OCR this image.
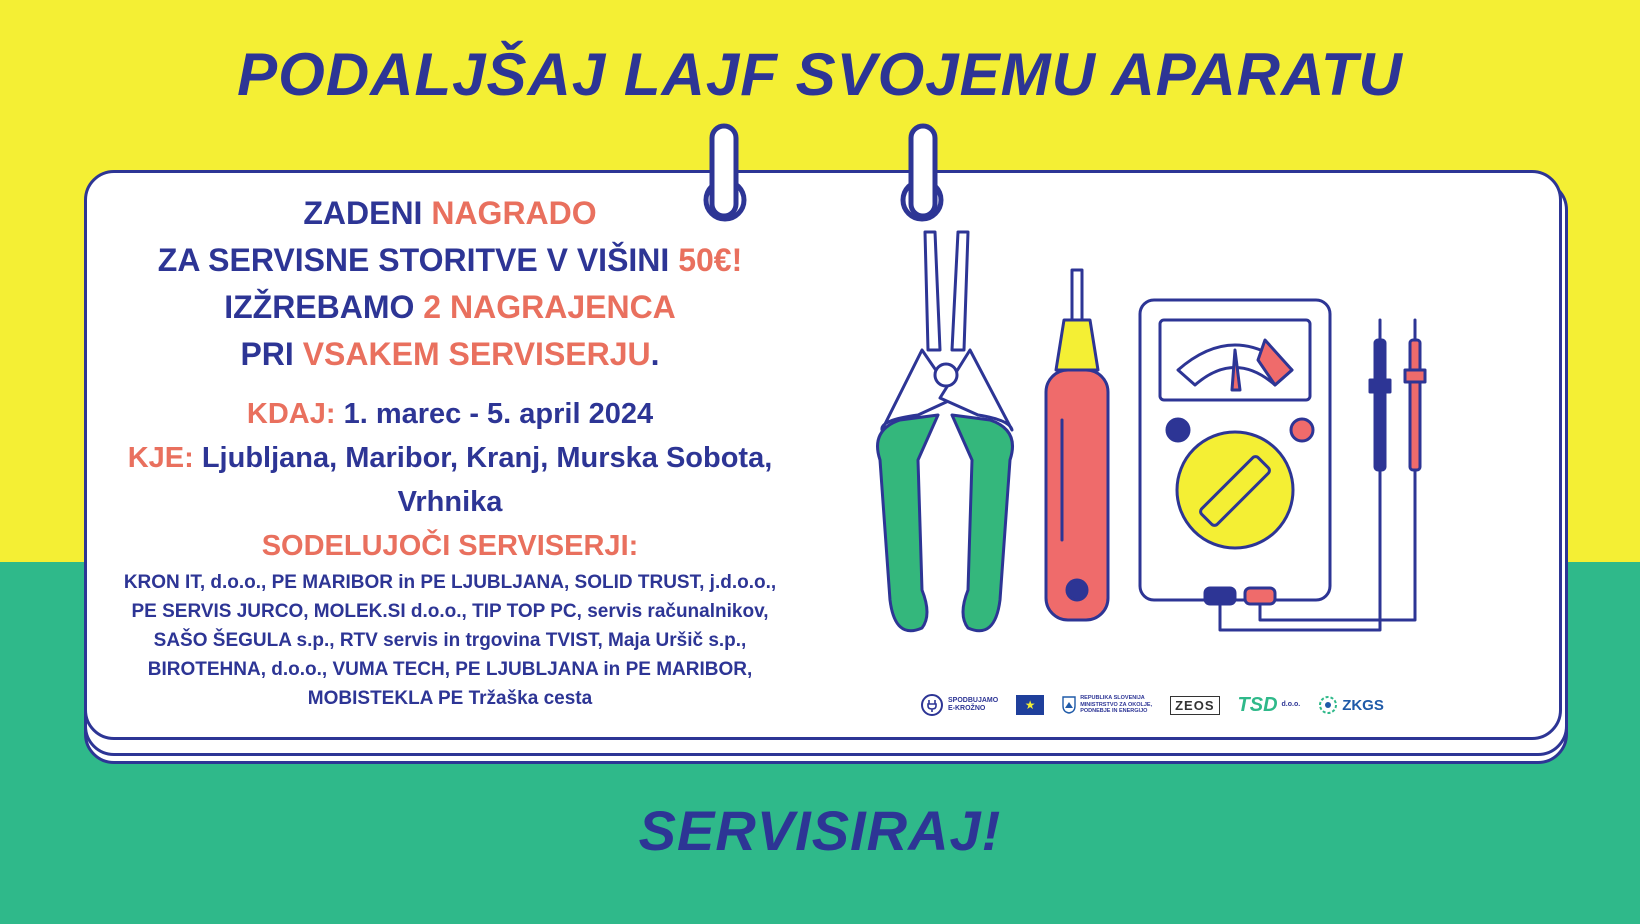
PODALJŠAJ LAJF SVOJEMU APARATU

ZADENI NAGRADO

ZA SERVISNE STORITVE V VIŠINI 50€!

IZŽREBAMO 2 NAGRAJENCA

PRI VSAKEM SERVISERJU.

KDAJ: 1. marec - 5. april 2024

KJE: Ljubljana, Maribor, Kranj, Murska Sobota,

Vrhnika

SODELUJOČI SERVISERJI:

KRON IT, d.o.o., PE MARIBOR in PE LJUBLJANA, SOLID TRUST, j.d.o.o.,

PE SERVIS JURCO, MOLEK.SI d.o.o., TIP TOP PC, servis računalnikov,

SAŠO ŠEGULA s.p., RTV servis in trgovina TVIST, Maja Uršič s.p.,

BIROTEHNA, d.o.o., VUMA TECH, PE LJUBLJANA in PE MARIBOR,

MOBISTEKLA PE Tržaška cesta	SPODBUJAMO
E-KROŽNO	★	REPUBLIKA SLOVENIJA
MINISTRSTVO ZA OKOLJE,
PODNEBJE IN ENERGIJO	ZEOS TSD d.o.o.	ZKGS
SERVISIRAJ!
